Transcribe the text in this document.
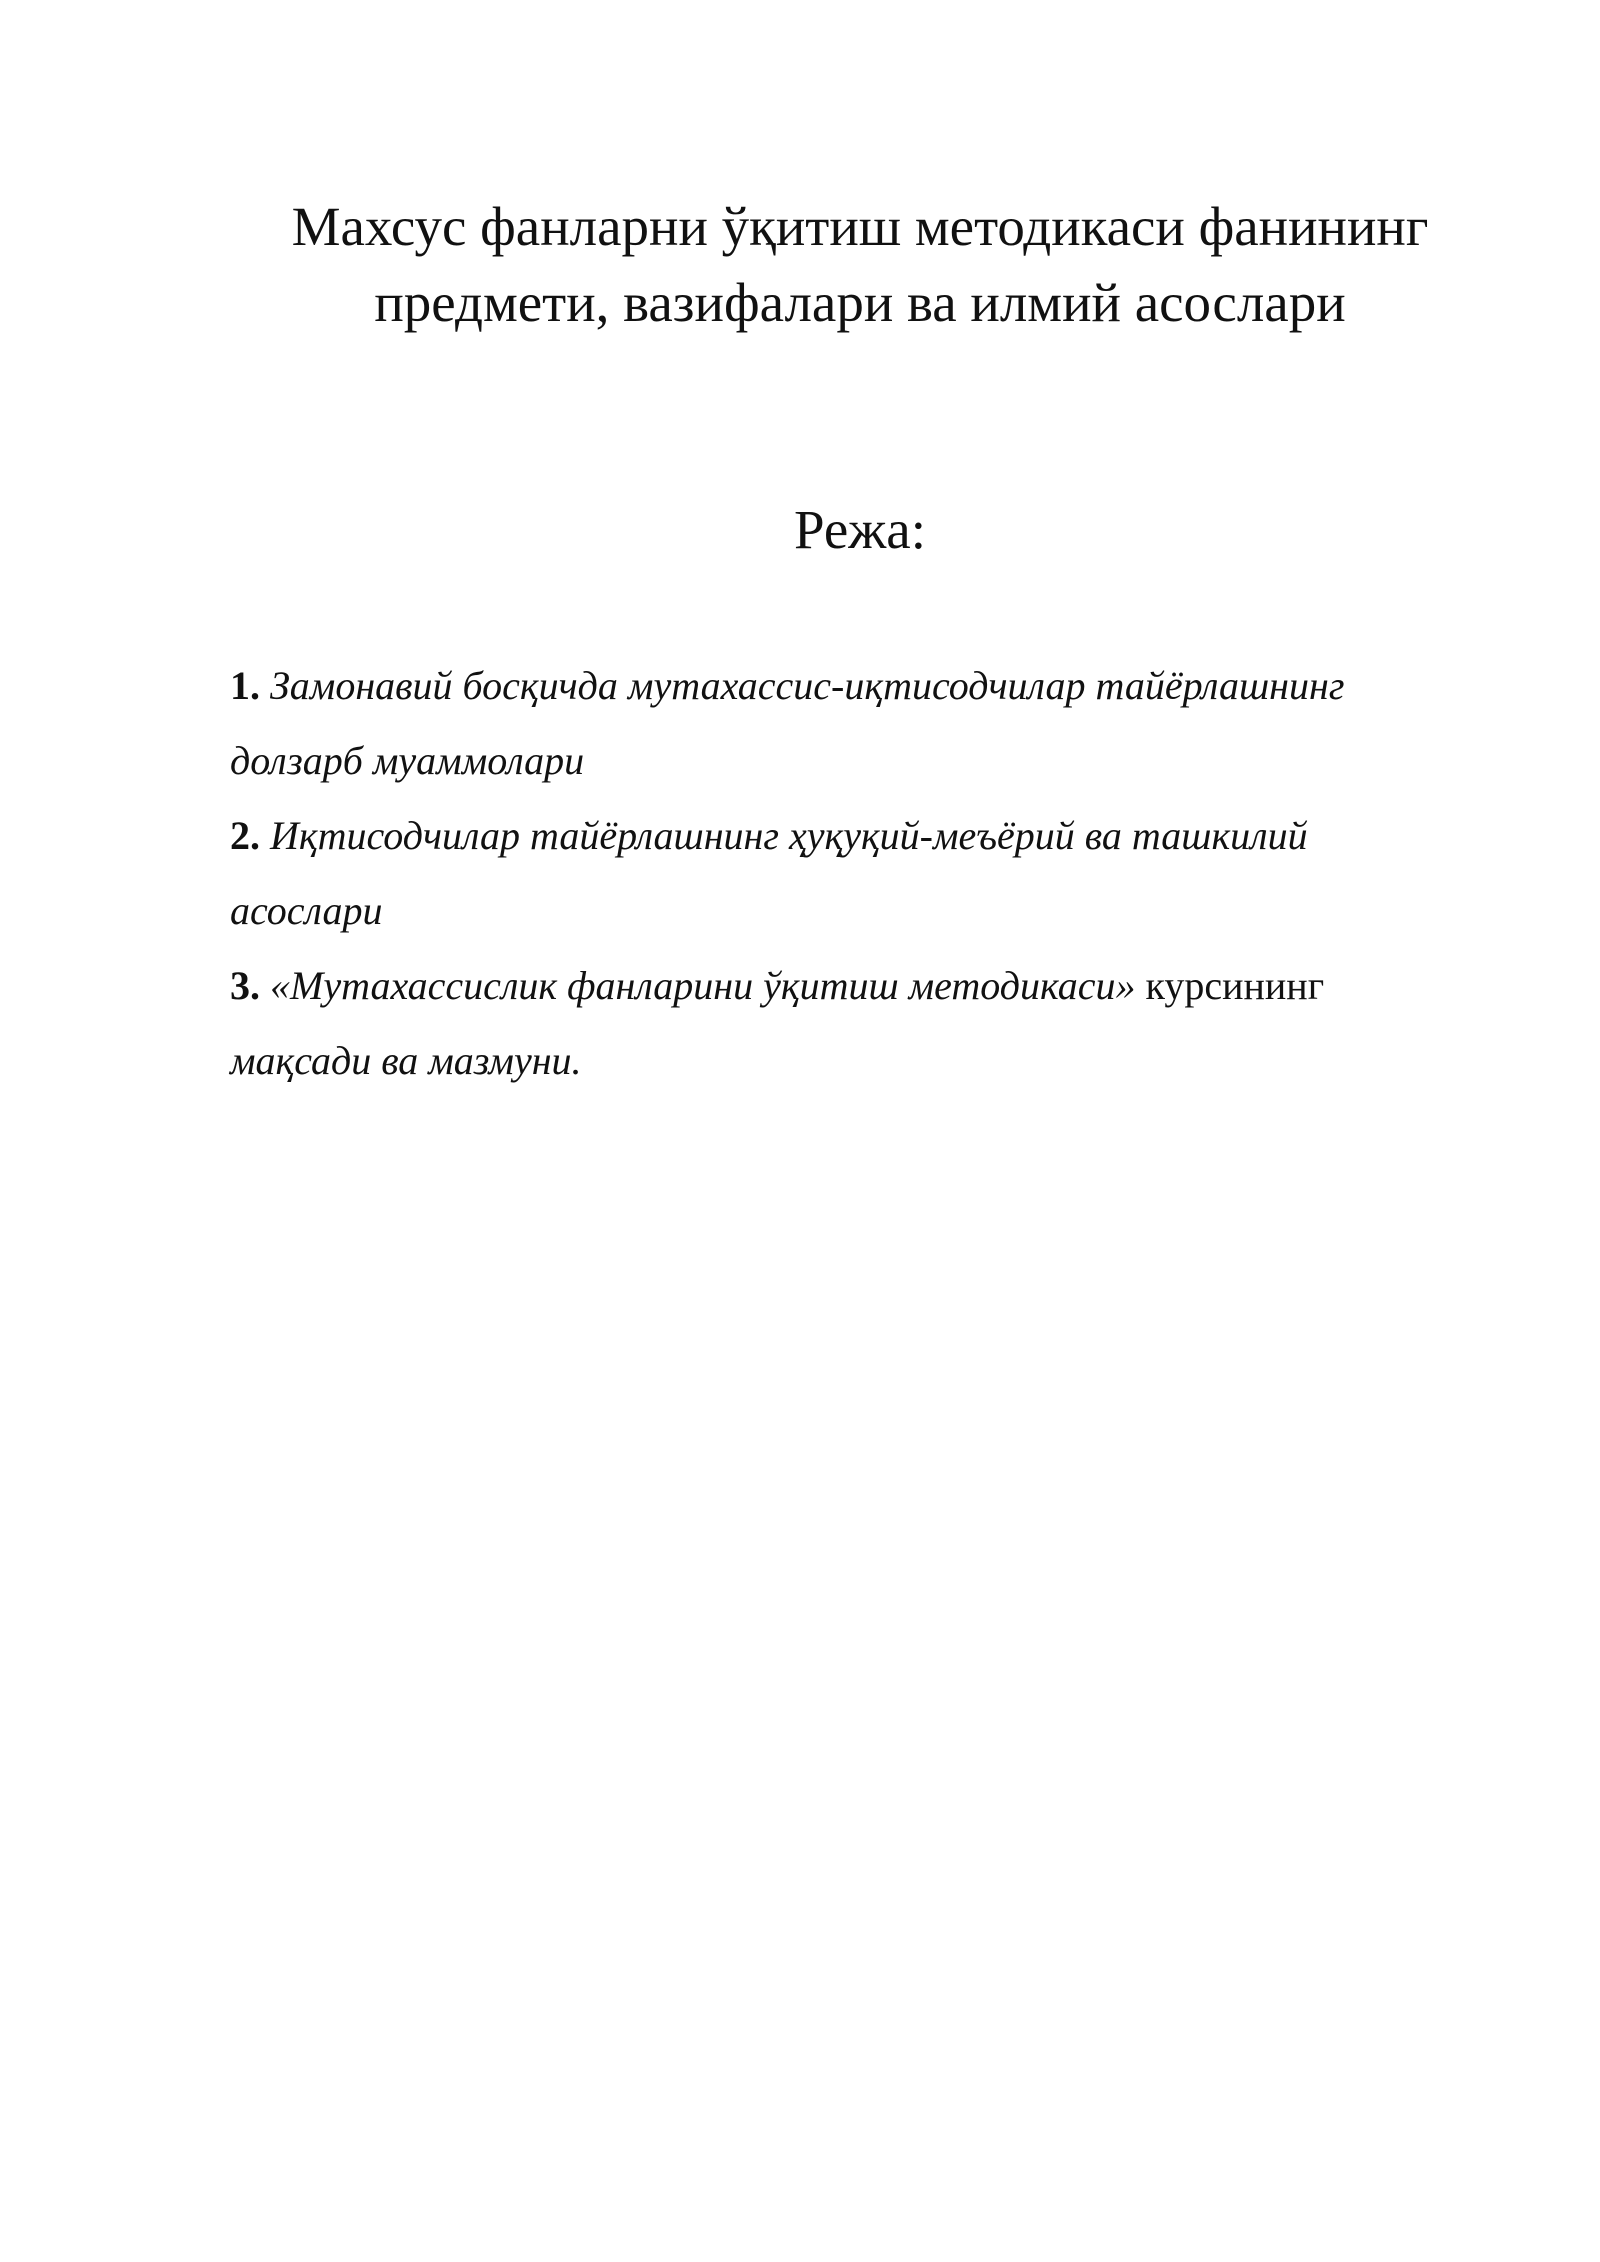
Махсус фанларни ўқитиш методикаси фанининг
предмети, вазифалари ва илмий асослари
Режа:
1. Замонавий босқичда мутахассис-иқтисодчилар тайёрлашнинг долзарб муаммолари
2. Иқтисодчилар тайёрлашнинг ҳуқуқий-меъёрий ва ташкилий асослари
3. «Мутахассислик фанларини ўқитиш методикаси» курсининг мақсади ва мазмуни.
